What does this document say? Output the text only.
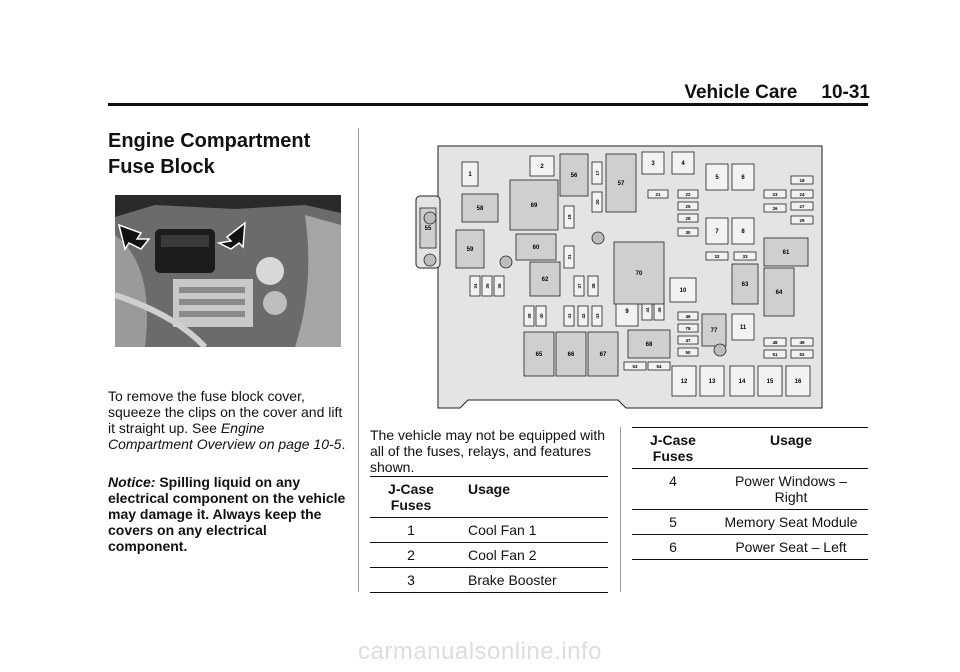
Vehicle Care 10-31
Engine Compartment
Fuse Block
To remove the fuse block cover, squeeze the clips on the cover and lift it straight up. See Engine Compartment Overview on page 10-5.
Notice: Spilling liquid on any electrical component on the vehicle may damage it. Always keep the covers on any electrical component.
1
2	3	4
5	6
7	8
9
10
11
12	13	14	15	16
17
18
19
20
21	22	23	24
25	26	27
28	29
30
31	32	33
34 35 36	37 38
39 40	41 42 43
44 45
46
47	48	49
50	51	52
53	54
55
56
57
58
59	60
61
62
63
64
65	66	67
68
69
70
77
78
The vehicle may not be equipped with all of the fuses, relays, and features shown.
J-Case Fuses	Usage
1	Cool Fan 1
2	Cool Fan 2
3	Brake Booster
J-Case Fuses	Usage
4	Power Windows – Right
5	Memory Seat Module
6	Power Seat – Left
carmanualsonline.info
